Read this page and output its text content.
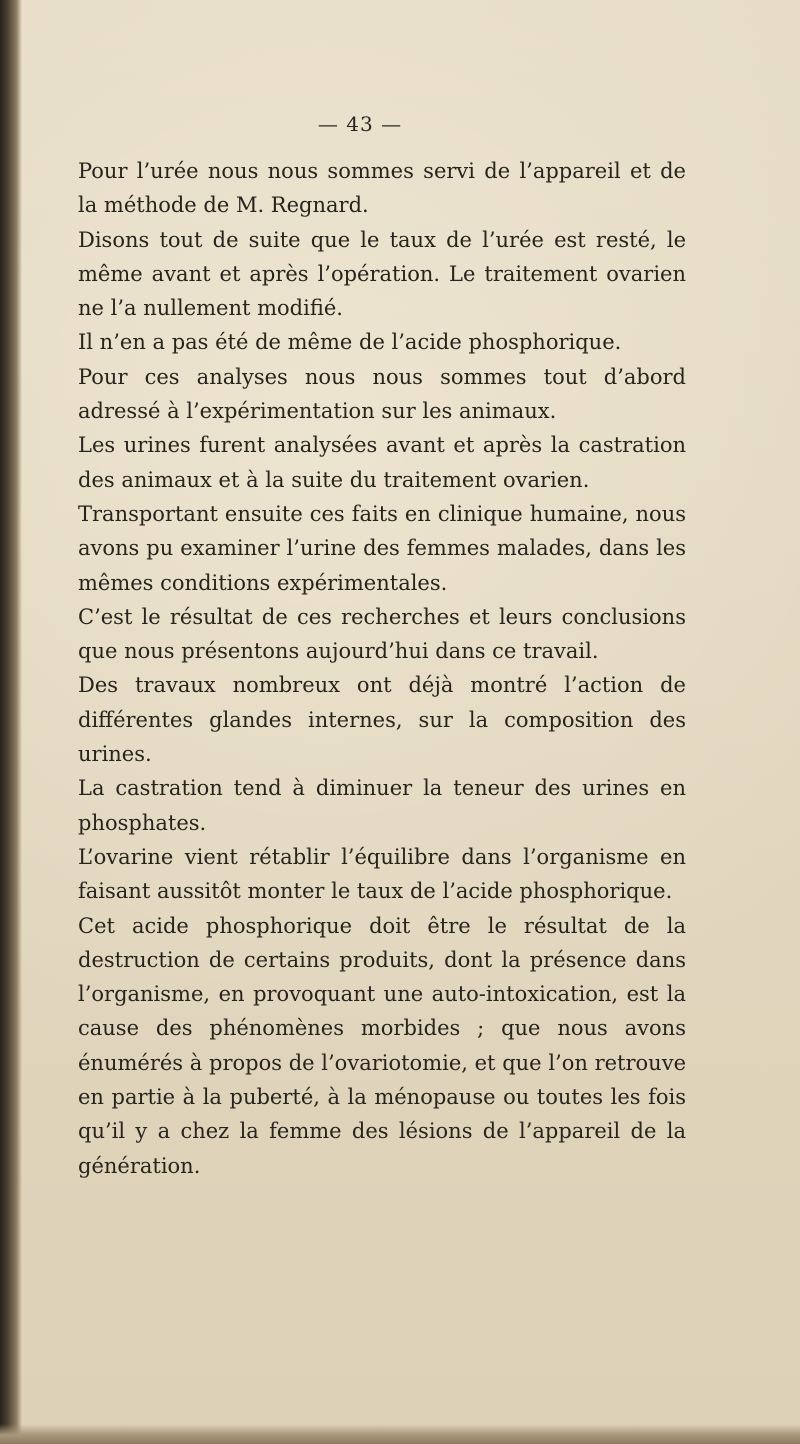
— 43 —

Pour l’urée nous nous sommes servi de l’appareil et de la méthode de M. Regnard.

Disons tout de suite que le taux de l’urée est resté, le même avant et après l’opération. Le traitement ovarien ne l’a nullement modifié.

Il n’en a pas été de même de l’acide phosphorique.

Pour ces analyses nous nous sommes tout d’abord adressé à l’expérimentation sur les animaux.

Les urines furent analysées avant et après la castration des animaux et à la suite du traitement ovarien.

Transportant ensuite ces faits en clinique humaine, nous avons pu examiner l’urine des femmes malades, dans les mêmes conditions expérimentales.

C’est le résultat de ces recherches et leurs conclusions que nous présentons aujourd’hui dans ce travail.

Des travaux nombreux ont déjà montré l’action de différentes glandes internes, sur la composition des urines.

La castration tend à diminuer la teneur des urines en phosphates.

L’ovarine vient rétablir l’équilibre dans l’organisme en faisant aussitôt monter le taux de l’acide phosphorique.

Cet acide phosphorique doit être le résultat de la destruction de certains produits, dont la présence dans l’organisme, en provoquant une auto-intoxication, est la cause des phénomènes morbides ; que nous avons énumérés à propos de l’ovariotomie, et que l’on retrouve en partie à la puberté, à la ménopause ou toutes les fois qu’il y a chez la femme des lésions de l’appareil de la génération.
